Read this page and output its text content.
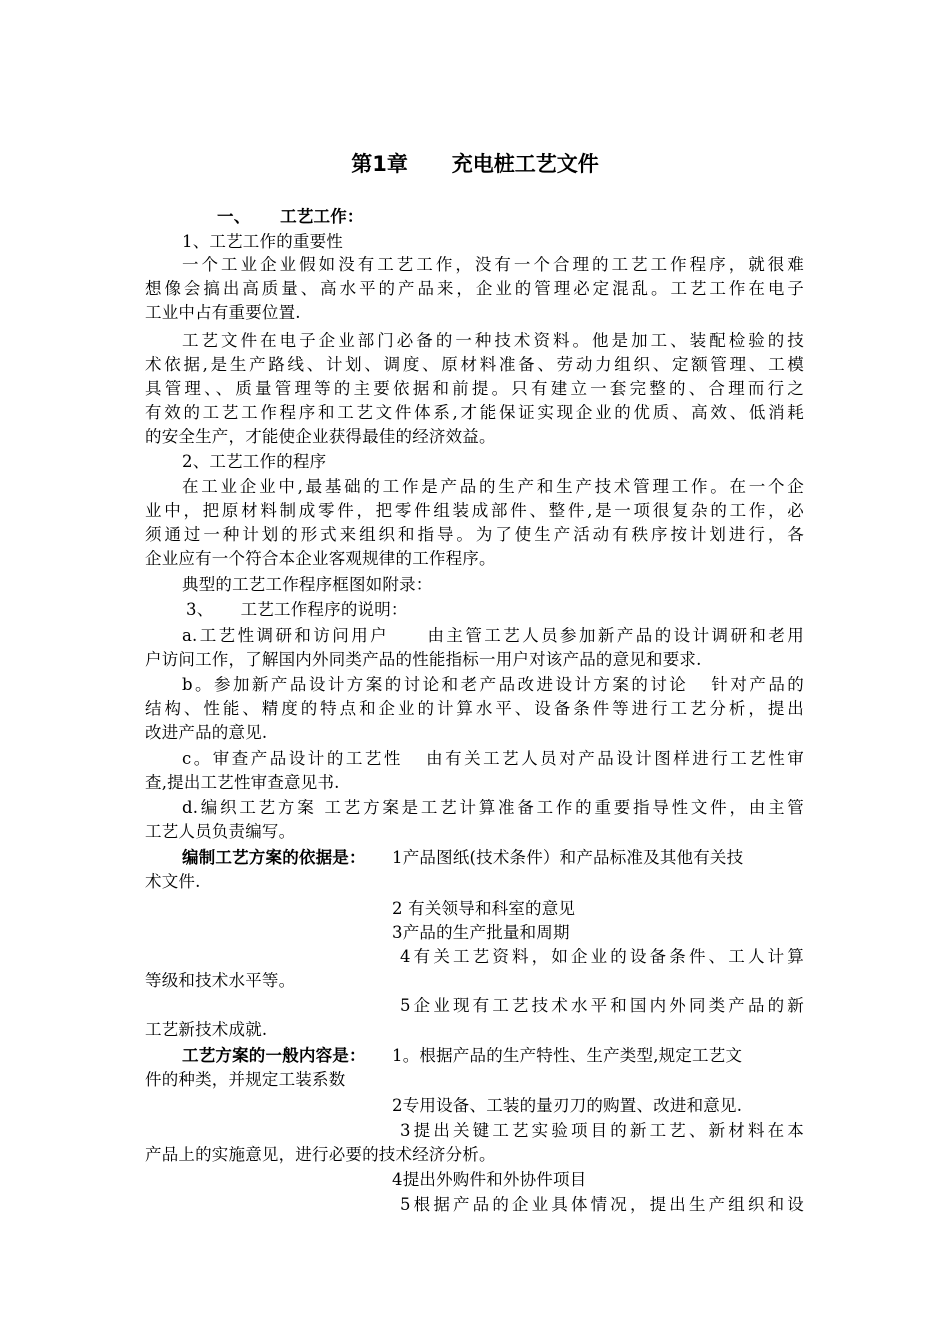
第1章      充电桩工艺文件
一、     工艺工作：
1、工艺工作的重要性
一个工业企业假如没有工艺工作，没有一个合理的工艺工作程序，就很难
想像会搞出高质量、高水平的产品来，企业的管理必定混乱。工艺工作在电子
工业中占有重要位置.
工艺文件在电子企业部门必备的一种技术资料。他是加工、装配检验的技
术依据,是生产路线、计划、调度、原材料准备、劳动力组织、定额管理、工模
具管理、、质量管理等的主要依据和前提。只有建立一套完整的、合理而行之
有效的工艺工作程序和工艺文件体系,才能保证实现企业的优质、高效、低消耗
的安全生产，才能使企业获得最佳的经济效益。
2、工艺工作的程序
在工业企业中,最基础的工作是产品的生产和生产技术管理工作。在一个企
业中，把原材料制成零件，把零件组装成部件、整件,是一项很复杂的工作，必
须通过一种计划的形式来组织和指导。为了使生产活动有秩序按计划进行，各
企业应有一个符合本企业客观规律的工作程序。
典型的工艺工作程序框图如附录：
3、     工艺工作程序的说明：
a.工艺性调研和访问用户     由主管工艺人员参加新产品的设计调研和老用
户访问工作，了解国内外同类产品的性能指标一用户对该产品的意见和要求.
b。参加新产品设计方案的讨论和老产品改进设计方案的讨论   针对产品的
结构、性能、精度的特点和企业的计算水平、设备条件等进行工艺分析，提出
改进产品的意见.
c。审查产品设计的工艺性   由有关工艺人员对产品设计图样进行工艺性审
查,提出工艺性审查意见书.
d.编织工艺方案 工艺方案是工艺计算准备工作的重要指导性文件，由主管
工艺人员负责编写。
编制工艺方案的依据是： 1产品图纸(技术条件）和产品标准及其他有关技
术文件.
2 有关领导和科室的意见
3产品的生产批量和周期
4有关工艺资料，如企业的设备条件、工人计算
等级和技术水平等。
5企业现有工艺技术水平和国内外同类产品的新
工艺新技术成就.
工艺方案的一般内容是： 1。根据产品的生产特性、生产类型,规定工艺文
件的种类，并规定工装系数
2专用设备、工装的量刃刀的购置、改进和意见.
3提出关键工艺实验项目的新工艺、新材料在本
产品上的实施意见，进行必要的技术经济分析。
4提出外购件和外协件项目
5根据产品的企业具体情况，提出生产组织和设
